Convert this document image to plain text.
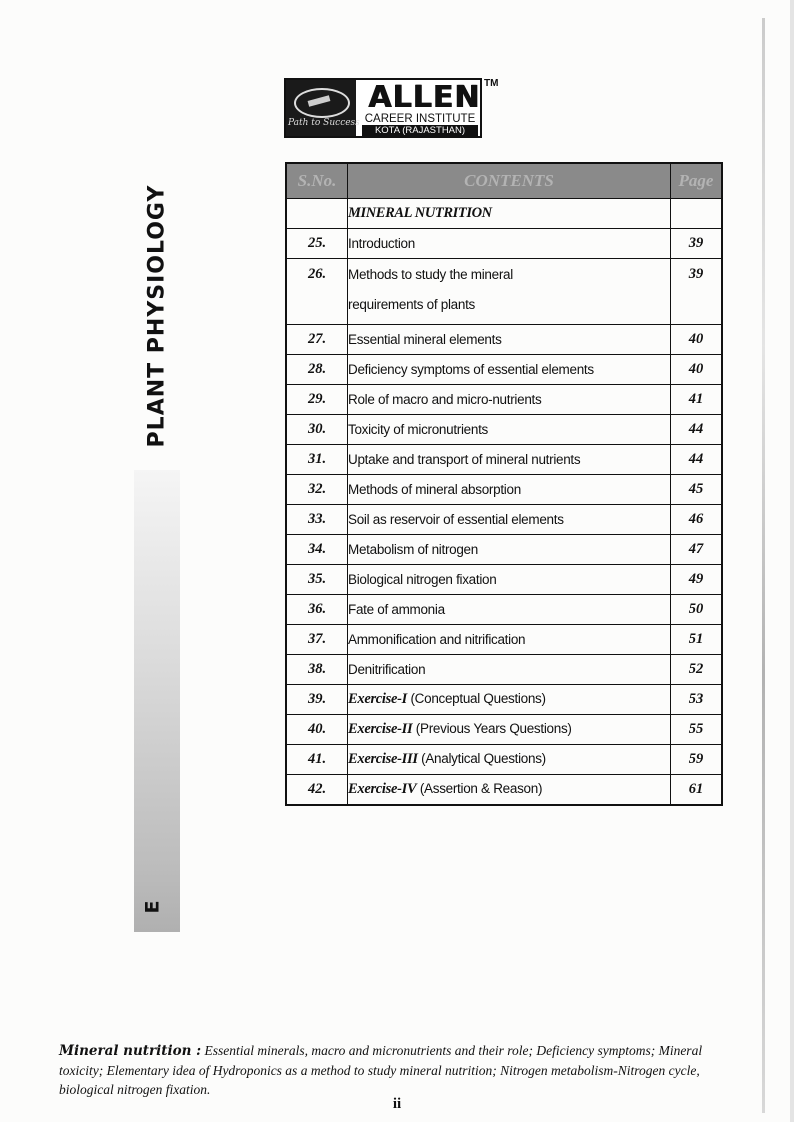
Path to Success
ALLEN
CAREER INSTITUTE
KOTA (RAJASTHAN)
TM
PLANT PHYSIOLOGY
E
S.No.	CONTENTS	Page
	MINERAL NUTRITION	
25.	Introduction	39
26.	Methods to study the mineral
requirements of plants	39
27.	Essential mineral elements	40
28.	Deficiency symptoms of essential elements	40
29.	Role of macro and micro-nutrients	41
30.	Toxicity of micronutrients	44
31.	Uptake and transport of mineral nutrients	44
32.	Methods of mineral absorption	45
33.	Soil as reservoir of essential elements	46
34.	Metabolism of nitrogen	47
35.	Biological nitrogen fixation	49
36.	Fate of ammonia	50
37.	Ammonification and nitrification	51
38.	Denitrification	52
39.	Exercise-I (Conceptual Questions)	53
40.	Exercise-II (Previous Years Questions)	55
41.	Exercise-III (Analytical Questions)	59
42.	Exercise-IV (Assertion & Reason)	61
Mineral nutrition : Essential minerals, macro and micronutrients and their role; Deficiency symptoms; Mineral toxicity; Elementary idea of Hydroponics as a method to study mineral nutrition; Nitrogen metabolism-Nitrogen cycle, biological nitrogen fixation.
ii
